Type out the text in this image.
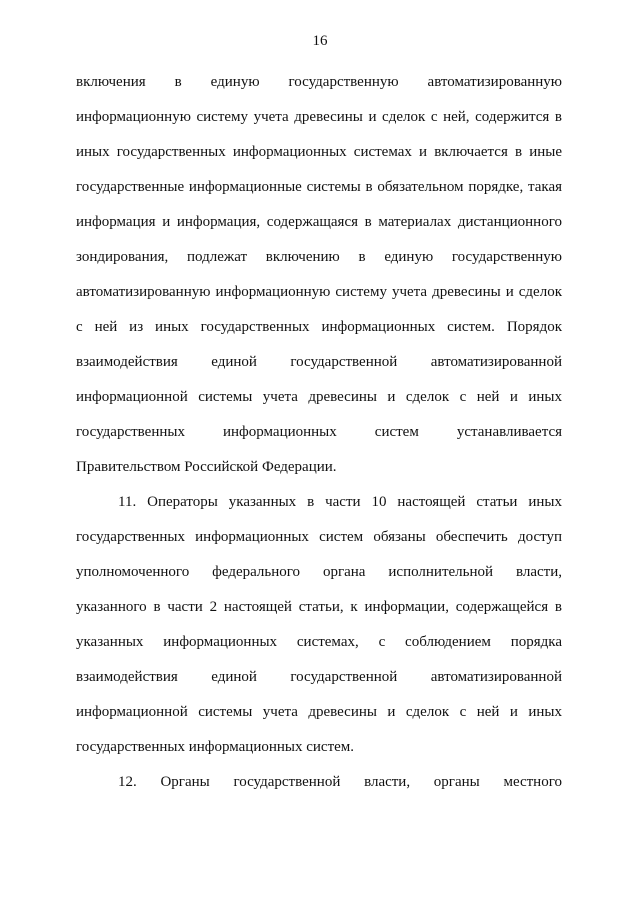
16
включения в единую государственную автоматизированную
информационную систему учета древесины и сделок с ней, содержится в
иных государственных информационных системах и включается в иные
государственные информационные системы в обязательном порядке, такая
информация и информация, содержащаяся в материалах дистанционного
зондирования, подлежат включению в единую государственную
автоматизированную информационную систему учета древесины и сделок
с ней из иных государственных информационных систем. Порядок
взаимодействия единой государственной автоматизированной
информационной системы учета древесины и сделок с ней и иных
государственных информационных систем устанавливается
Правительством Российской Федерации.
11. Операторы указанных в части 10 настоящей статьи иных
государственных информационных систем обязаны обеспечить доступ
уполномоченного федерального органа исполнительной власти,
указанного в части 2 настоящей статьи, к информации, содержащейся в
указанных информационных системах, с соблюдением порядка
взаимодействия единой государственной автоматизированной
информационной системы учета древесины и сделок с ней и иных
государственных информационных систем.
12. Органы государственной власти, органы местного
